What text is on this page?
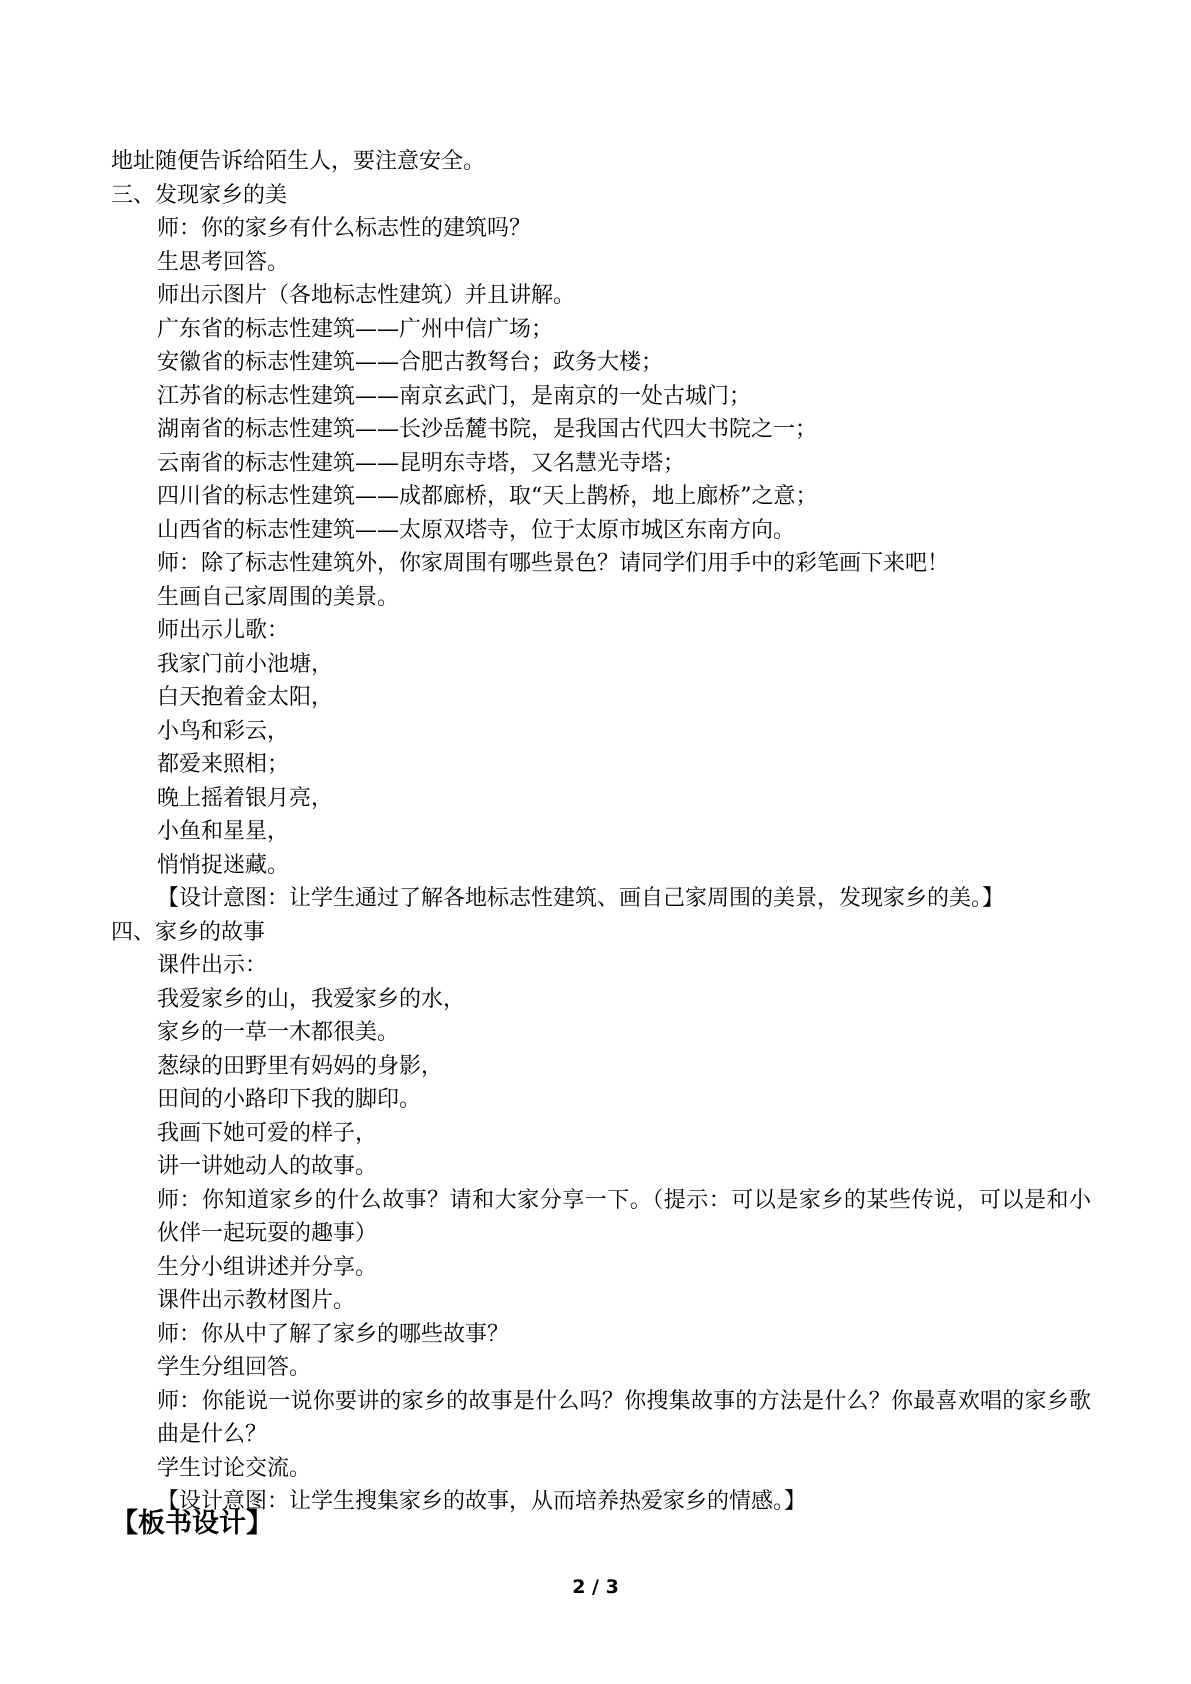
地址随便告诉给陌生人，要注意安全。
三、发现家乡的美
师：你的家乡有什么标志性的建筑吗？
生思考回答。
师出示图片（各地标志性建筑）并且讲解。
广东省的标志性建筑——广州中信广场；
安徽省的标志性建筑——合肥古教弩台；政务大楼；
江苏省的标志性建筑——南京玄武门，是南京的一处古城门；
湖南省的标志性建筑——长沙岳麓书院，是我国古代四大书院之一；
云南省的标志性建筑——昆明东寺塔，又名慧光寺塔；
四川省的标志性建筑——成都廊桥，取“天上鹊桥，地上廊桥”之意；
山西省的标志性建筑——太原双塔寺，位于太原市城区东南方向。
师：除了标志性建筑外，你家周围有哪些景色？请同学们用手中的彩笔画下来吧！
生画自己家周围的美景。
师出示儿歌：
我家门前小池塘，
白天抱着金太阳，
小鸟和彩云，
都爱来照相；
晚上摇着银月亮，
小鱼和星星，
悄悄捉迷藏。
【设计意图：让学生通过了解各地标志性建筑、画自己家周围的美景，发现家乡的美。】
四、家乡的故事
课件出示：
我爱家乡的山，我爱家乡的水，
家乡的一草一木都很美。
葱绿的田野里有妈妈的身影，
田间的小路印下我的脚印。
我画下她可爱的样子，
讲一讲她动人的故事。
师：你知道家乡的什么故事？请和大家分享一下。（提示：可以是家乡的某些传说，可以是和小伙伴一起玩耍的趣事）
生分小组讲述并分享。
课件出示教材图片。
师：你从中了解了家乡的哪些故事？
学生分组回答。
师：你能说一说你要讲的家乡的故事是什么吗？你搜集故事的方法是什么？你最喜欢唱的家乡歌曲是什么？
学生讨论交流。
【设计意图：让学生搜集家乡的故事，从而培养热爱家乡的情感。】
【板书设计】
2 / 3
